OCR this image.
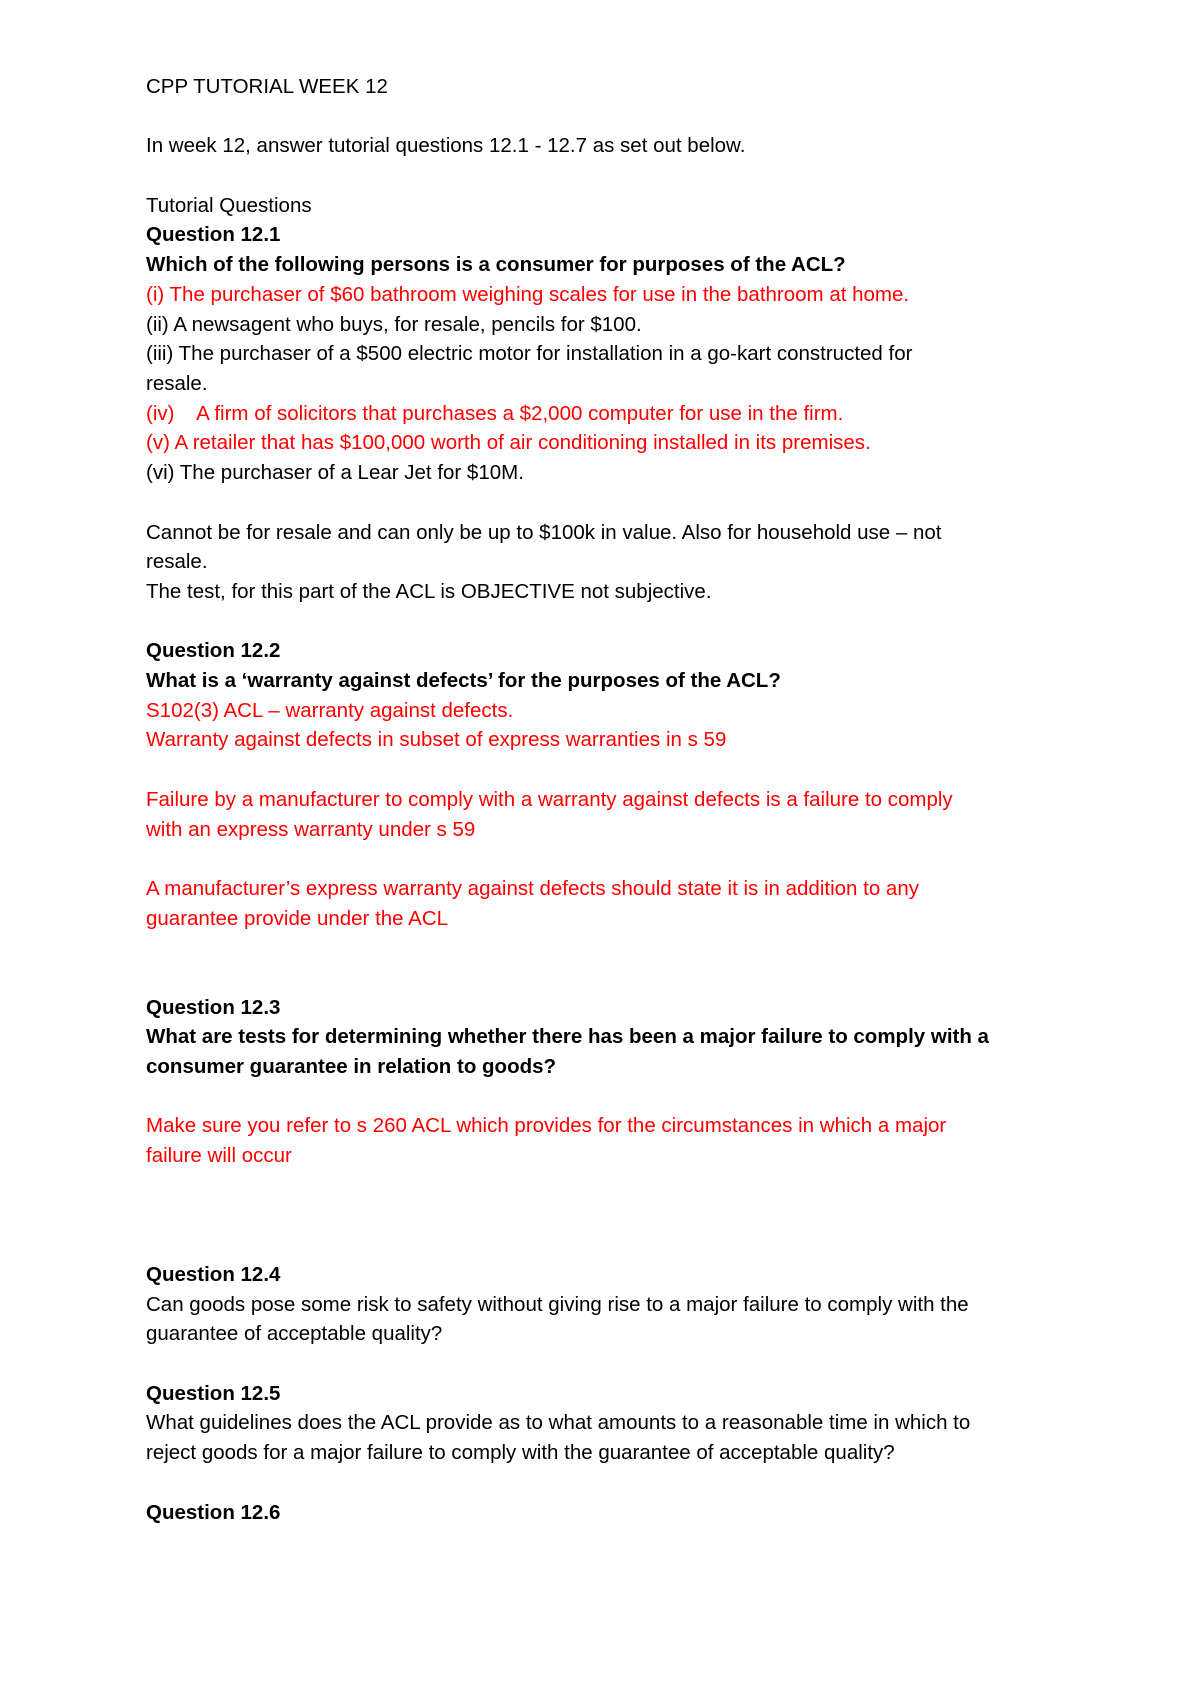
CPP TUTORIAL WEEK 12
In week 12, answer tutorial questions 12.1 - 12.7 as set out below.
Tutorial Questions
Question 12.1
Which of the following persons is a consumer for purposes of the ACL?
(i) The purchaser of $60 bathroom weighing scales for use in the bathroom at home.
(ii) A newsagent who buys, for resale, pencils for $100.
(iii) The purchaser of a $500 electric motor for installation in a go-kart constructed for
resale.
(iv)    A firm of solicitors that purchases a $2,000 computer for use in the firm.
(v) A retailer that has $100,000 worth of air conditioning installed in its premises.
(vi) The purchaser of a Lear Jet for $10M.
Cannot be for resale and can only be up to $100k in value. Also for household use – not
resale.
The test, for this part of the ACL is OBJECTIVE not subjective.
Question 12.2
What is a ‘warranty against defects’ for the purposes of the ACL?
S102(3) ACL – warranty against defects.
Warranty against defects in subset of express warranties in s 59
Failure by a manufacturer to comply with a warranty against defects is a failure to comply
with an express warranty under s 59
A manufacturer’s express warranty against defects should state it is in addition to any
guarantee provide under the ACL
Question 12.3
What are tests for determining whether there has been a major failure to comply with a
consumer guarantee in relation to goods?
Make sure you refer to s 260 ACL which provides for the circumstances in which a major
failure will occur
Question 12.4
Can goods pose some risk to safety without giving rise to a major failure to comply with the
guarantee of acceptable quality?
Question 12.5
What guidelines does the ACL provide as to what amounts to a reasonable time in which to
reject goods for a major failure to comply with the guarantee of acceptable quality?
Question 12.6
